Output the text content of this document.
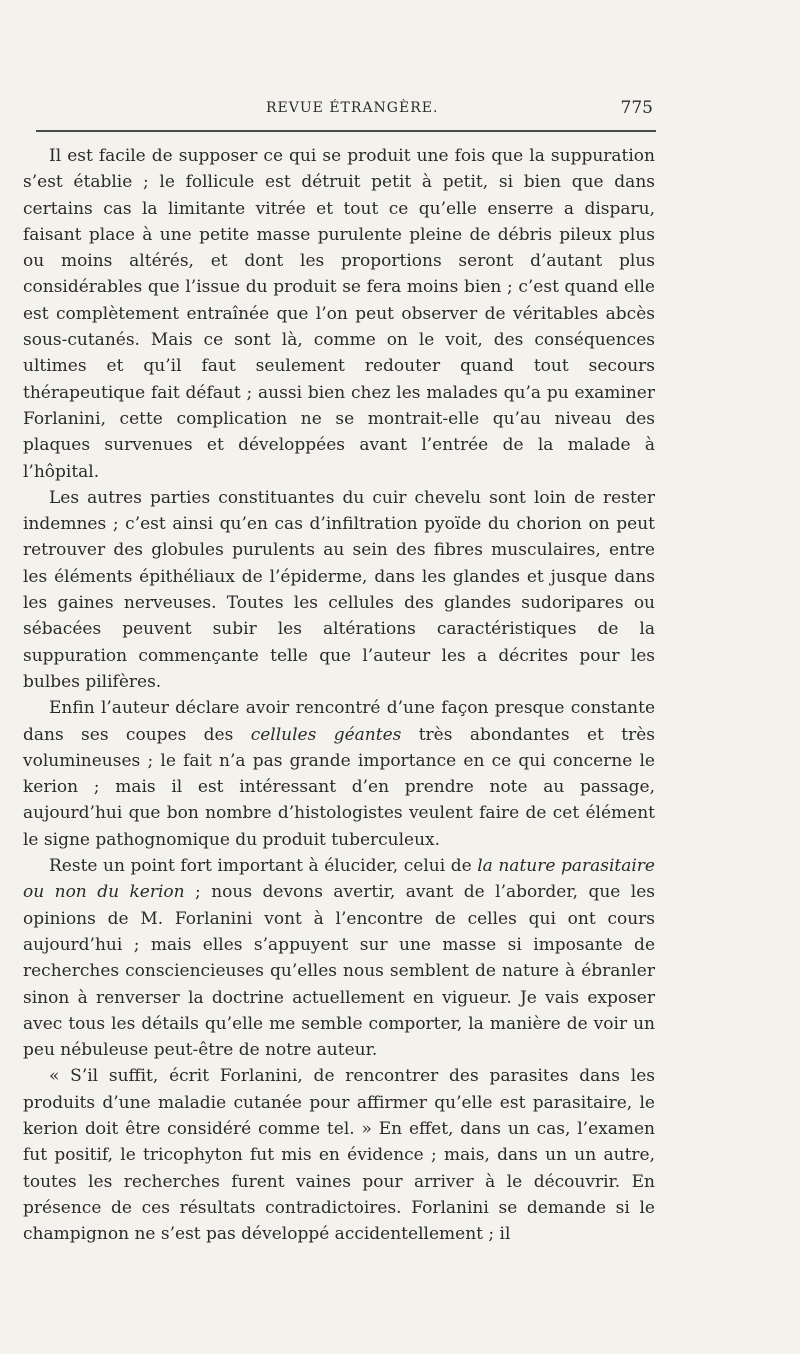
REVUE ÉTRANGÈRE.	775

Il est facile de supposer ce qui se produit une fois que la suppuration s’est établie ; le follicule est détruit petit à petit, si bien que dans certains cas la limitante vitrée et tout ce qu’elle enserre a disparu, faisant place à une petite masse purulente pleine de débris pileux plus ou moins altérés, et dont les proportions seront d’autant plus considérables que l’issue du produit se fera moins bien ; c’est quand elle est complètement entraînée que l’on peut observer de véritables abcès sous-cutanés. Mais ce sont là, comme on le voit, des conséquences ultimes et qu’il faut seulement redouter quand tout secours thérapeutique fait défaut ; aussi bien chez les malades qu’a pu examiner Forlanini, cette complication ne se montrait-elle qu’au niveau des plaques survenues et développées avant l’entrée de la malade à l’hôpital.

Les autres parties constituantes du cuir chevelu sont loin de rester indemnes ; c’est ainsi qu’en cas d’infiltration pyoïde du chorion on peut retrouver des globules purulents au sein des fibres musculaires, entre les éléments épithéliaux de l’épiderme, dans les glandes et jusque dans les gaines nerveuses. Toutes les cellules des glandes sudoripares ou sébacées peuvent subir les altérations caractéristiques de la suppuration commençante telle que l’auteur les a décrites pour les bulbes pilifères.

Enfin l’auteur déclare avoir rencontré d’une façon presque constante dans ses coupes des cellules géantes très abondantes et très volumineuses ; le fait n’a pas grande importance en ce qui concerne le kerion ; mais il est intéressant d’en prendre note au passage, aujourd’hui que bon nombre d’histologistes veulent faire de cet élément le signe pathognomique du produit tuberculeux.

Reste un point fort important à élucider, celui de la nature parasitaire ou non du kerion ; nous devons avertir, avant de l’aborder, que les opinions de M. Forlanini vont à l’encontre de celles qui ont cours aujourd’hui ; mais elles s’appuyent sur une masse si imposante de recherches consciencieuses qu’elles nous semblent de nature à ébranler sinon à renverser la doctrine actuellement en vigueur. Je vais exposer avec tous les détails qu’elle me semble comporter, la manière de voir un peu nébuleuse peut-être de notre auteur.

« S’il suffit, écrit Forlanini, de rencontrer des parasites dans les produits d’une maladie cutanée pour affirmer qu’elle est parasitaire, le kerion doit être considéré comme tel. » En effet, dans un cas, l’examen fut positif, le tricophyton fut mis en évidence ; mais, dans un un autre, toutes les recherches furent vaines pour arriver à le découvrir. En présence de ces résultats contradictoires. Forlanini se demande si le champignon ne s’est pas développé accidentellement ; il
